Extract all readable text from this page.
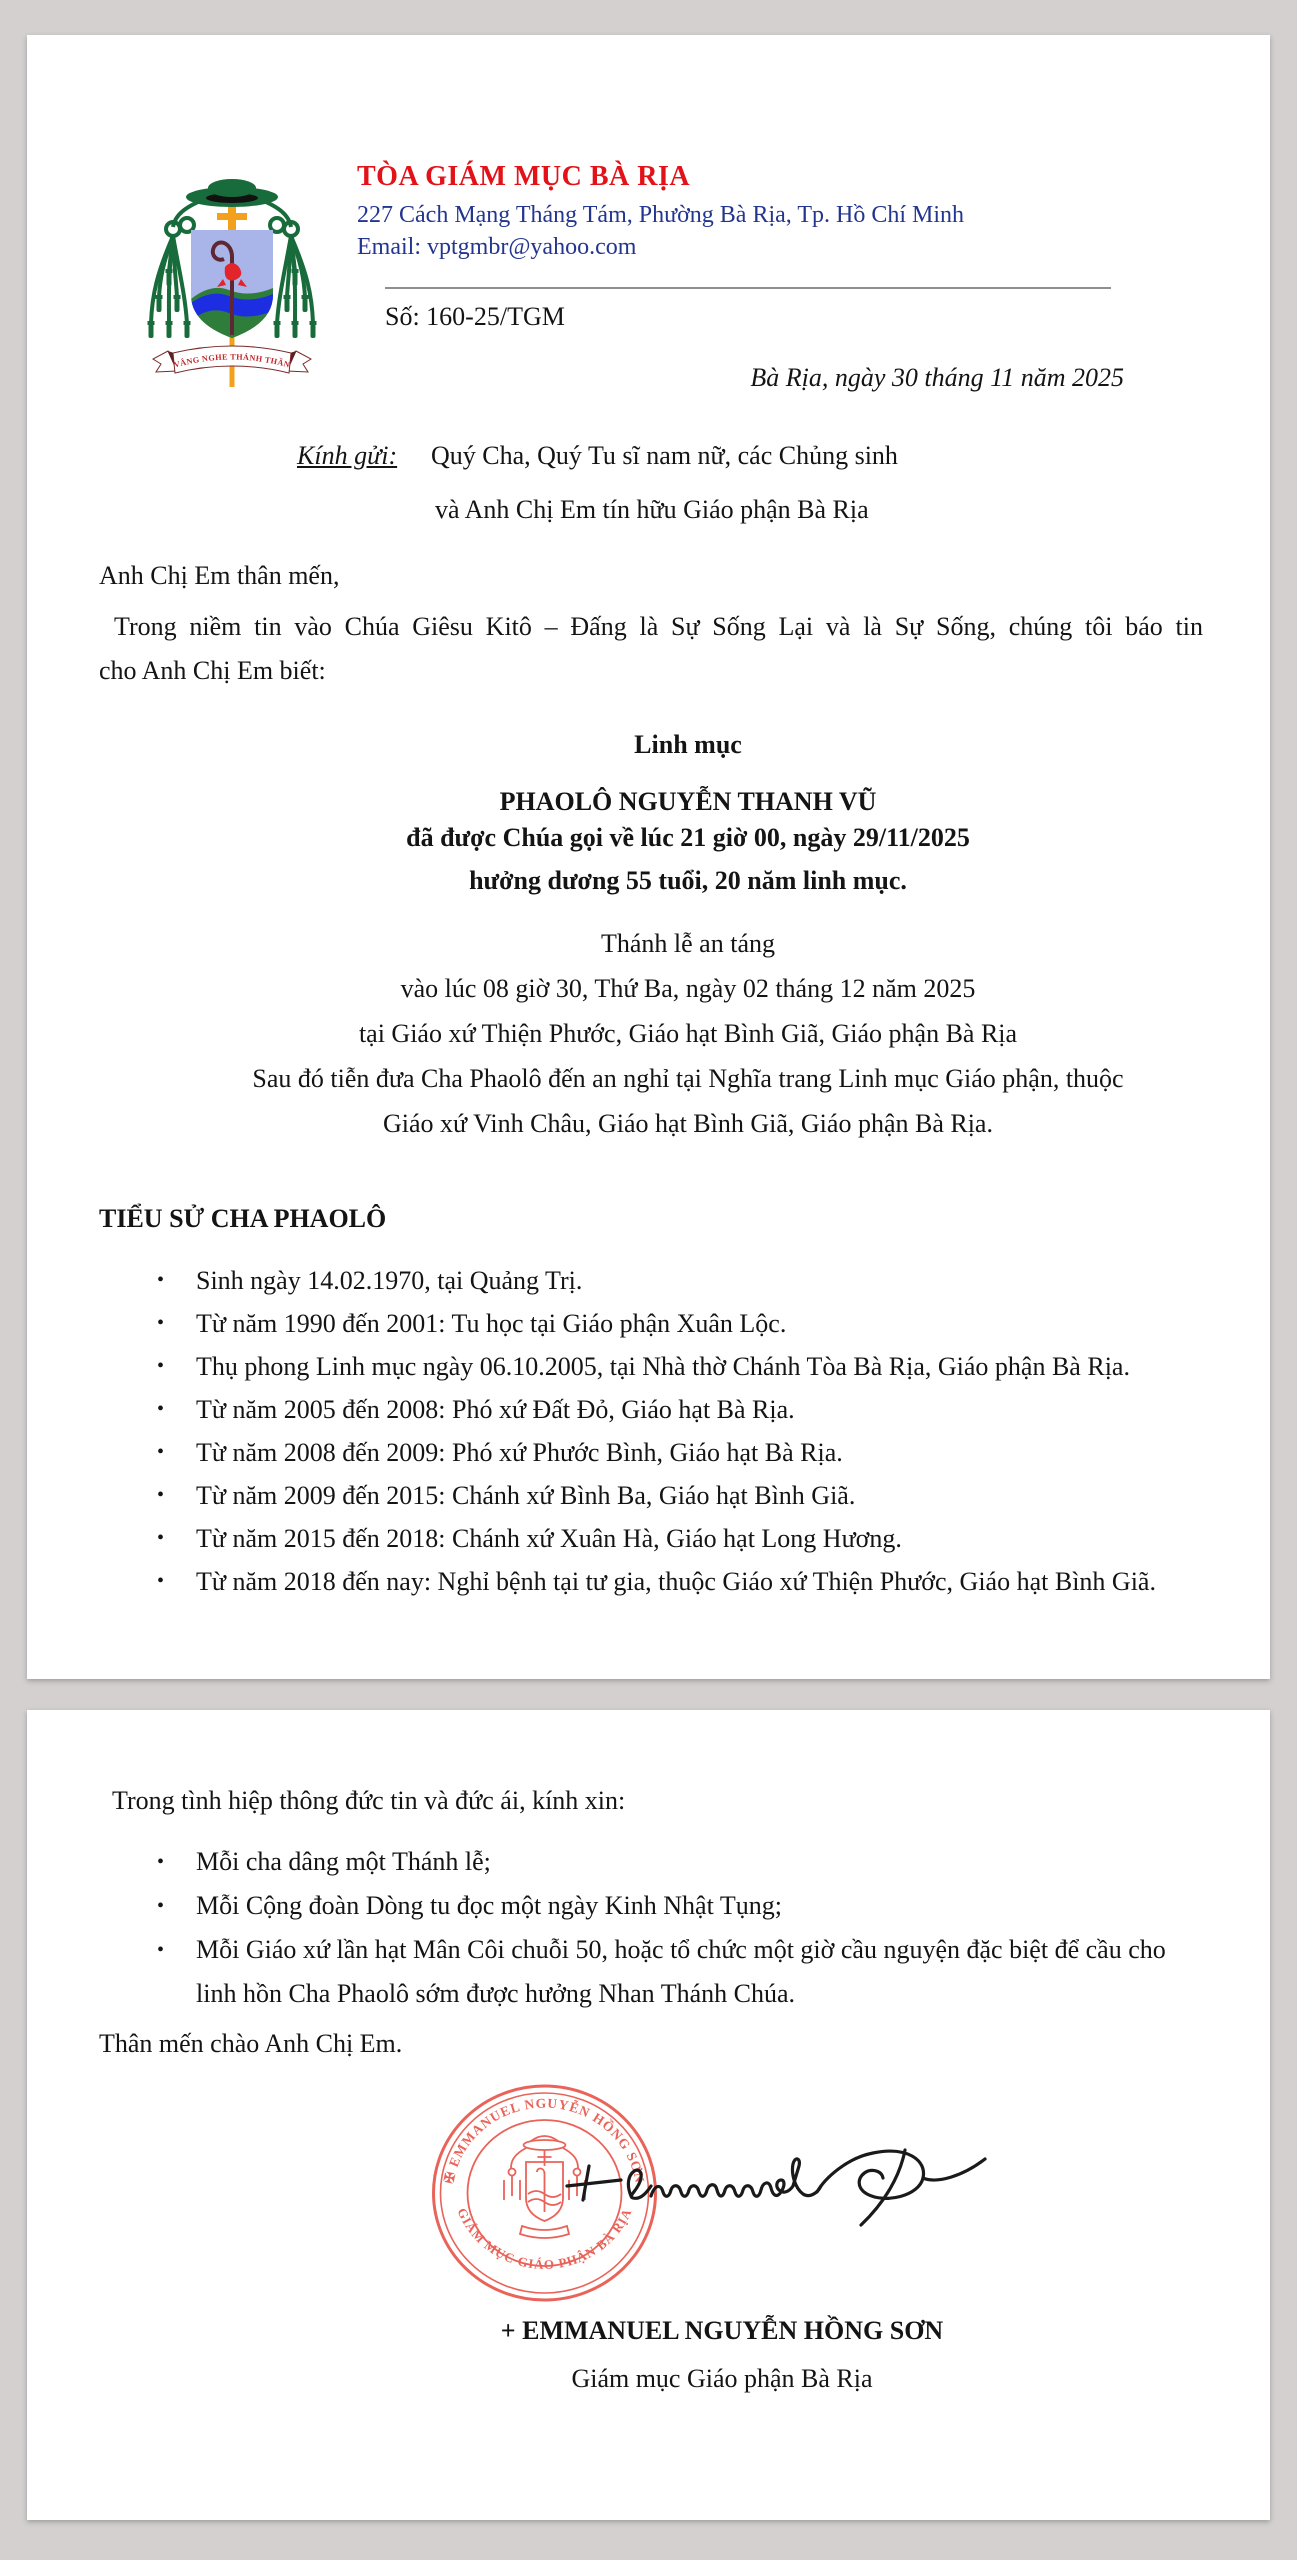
VÂNG NGHE THÁNH THẦN
TÒA GIÁM MỤC BÀ RỊA
227 Cách Mạng Tháng Tám, Phường Bà Rịa, Tp. Hồ Chí Minh
Email: vptgmbr@yahoo.com
Số: 160-25/TGM
Bà Rịa, ngày 30 tháng 11 năm 2025
Kính gửi: Quý Cha, Quý Tu sĩ nam nữ, các Chủng sinh
và Anh Chị Em tín hữu Giáo phận Bà Rịa
Anh Chị Em thân mến,
Trong niềm tin vào Chúa Giêsu Kitô – Đấng là Sự Sống Lại và là Sự Sống, chúng tôi báo tin
cho Anh Chị Em biết:
Linh mục
PHAOLÔ NGUYỄN THANH VŨ
đã được Chúa gọi về lúc 21 giờ 00, ngày 29/11/2025
hưởng dương 55 tuổi, 20 năm linh mục.
Thánh lễ an táng
vào lúc 08 giờ 30, Thứ Ba, ngày 02 tháng 12 năm 2025
tại Giáo xứ Thiện Phước, Giáo hạt Bình Giã, Giáo phận Bà Rịa
Sau đó tiễn đưa Cha Phaolô đến an nghỉ tại Nghĩa trang Linh mục Giáo phận, thuộc
Giáo xứ Vinh Châu, Giáo hạt Bình Giã, Giáo phận Bà Rịa.
TIỂU SỬ CHA PHAOLÔ
• Sinh ngày 14.02.1970, tại Quảng Trị.
• Từ năm 1990 đến 2001: Tu học tại Giáo phận Xuân Lộc.
• Thụ phong Linh mục ngày 06.10.2005, tại Nhà thờ Chánh Tòa Bà Rịa, Giáo phận Bà Rịa.
• Từ năm 2005 đến 2008: Phó xứ Đất Đỏ, Giáo hạt Bà Rịa.
• Từ năm 2008 đến 2009: Phó xứ Phước Bình, Giáo hạt Bà Rịa.
• Từ năm 2009 đến 2015: Chánh xứ Bình Ba, Giáo hạt Bình Giã.
• Từ năm 2015 đến 2018: Chánh xứ Xuân Hà, Giáo hạt Long Hương.
• Từ năm 2018 đến nay: Nghỉ bệnh tại tư gia, thuộc Giáo xứ Thiện Phước, Giáo hạt Bình Giã.
Trong tình hiệp thông đức tin và đức ái, kính xin:
• Mỗi cha dâng một Thánh lễ;
• Mỗi Cộng đoàn Dòng tu đọc một ngày Kinh Nhật Tụng;
• Mỗi Giáo xứ lần hạt Mân Côi chuỗi 50, hoặc tổ chức một giờ cầu nguyện đặc biệt để cầu cho linh hồn Cha Phaolô sớm được hưởng Nhan Thánh Chúa.
Thân mến chào Anh Chị Em.
✠ EMMANUEL NGUYỄN HỒNG SƠN
GIÁM MỤC GIÁO PHẬN BÀ RỊA
+ EMMANUEL NGUYỄN HỒNG SƠN
Giám mục Giáo phận Bà Rịa
